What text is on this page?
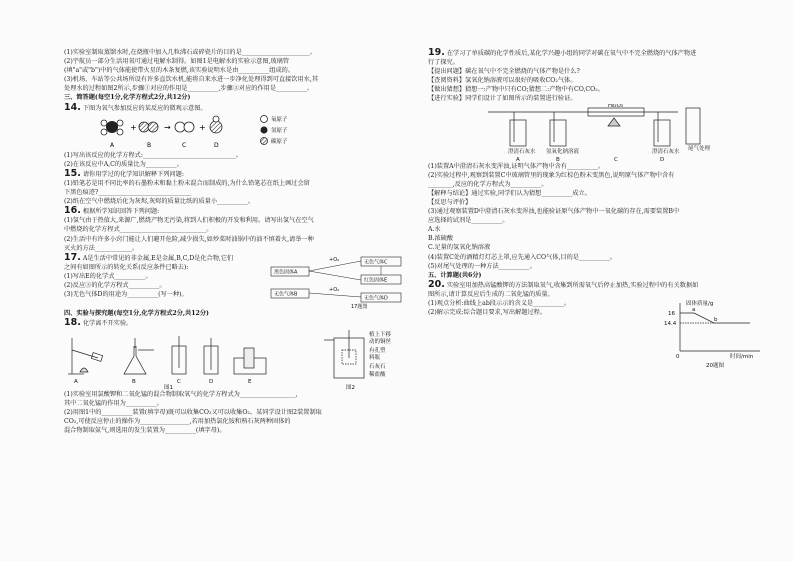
(1)实验室制取蒸馏水时,在烧瓶中加入几粒沸石或碎瓷片的目的是______________________。
(2)宇航员一部分生活用氧可通过电解水制得。如图1是电解水的实验示意图,玻璃管
(填"a"或"b")中的气体能使带火星的木条复燃,该实验说明水是由__________组成的。
(3)机场、车站等公共场所设有许多直饮水机,能将自来水进一步净化处理得到可直接饮用水,其
处理水的过程如图2所示,步骤①对应的作用是__________,步骤③对应的作用是__________。
三、简答题(每空1分,化学方程式2分,共12分)
14. 下图为氧气参加反应的某反应的微观示意图。
+	→	+
A	B	C	D
氧原子
氢原子
碳原子
(1)写出该反应的化学方程式:______________________________。
(2)在该反应中A,C的质量比为__________。
15. 请你用学过的化学知识解释下列问题:
(1)铅笔芯是用不同比率的石墨粉末和黏土粉末混合而制成的,为什么铅笔芯在纸上画过会留
下黑色痕迹?______________________________
(2)纸在空气中燃烧后化为灰烬,灰烬的质量比纸的质量小__________。
16. 根据所学知识回答下列问题:
(1)氢气由于热值大,来源广,燃烧产物无污染,将到人们积极的开发和利用。请写出氢气在空气
中燃烧的化学方程式____________________________。
(2)生活中有许多小窍门能让人们避开危险,减少损失,如炒菜时油锅中的油不慎着火,请举一种
灭火的方法____________。
17. A是生活中常见的非金属,E是金属,B,C,D是化合物,它们
之间有如图所示的转化关系(反应条件已略去):
(1)写出E的化学式__________。
(2)反应③的化学方程式__________。
(3)无色气体D的用途为__________(写一种)。
黑色固体A
无色气体B
无色气体C
红色固体E
无色气体D
+O₂
+O₂
17题图
四、实验与探究题(每空1分,化学方程式2分,共12分)
18. 化学离不开实验。
A	B	C	D	E
图1
植上下移
动的铜丝
有孔塑
料瓶
石灰石
稀盐酸
图2
(1)实验室用氯酸钾和二氧化锰的混合物制取氧气的化学方程式为__________________,
其中二氧化锰的作用为__________。
(2)用图1中的__________装置(填字母)既可以收集CO₂又可以收集O₂。某同学设计图2装置制取
CO₂,可使反应停止的操作为________________,若用加热氯化铵和熟石灰两种固体的
混合物制取氨气,则选用的发生装置为__________(填字母)。
19. 在学习了单质碳的化学性质后,某化学兴趣小组的同学对碳在氧气中不完全燃烧的气体产物进
行了探究。
【提出问题】碳在氧气中不完全燃烧的气体产物是什么?
【查阅资料】氢氧化钠溶液可以很好的吸收CO₂气体。
【做出猜想】猜想一:产物中只有CO;猜想二:产物中有CO,CO₂。
【进行实验】同学们设计了如图所示的装置进行验证。
澄清石灰水 氢氧化钠溶液	澄清石灰水
Fe₂O₃
尾气处理
A	B	C	D
(1)装置A中澄清石灰水变浑浊,证明气体产物中含有__________。
(2)实验过程中,观察到装置C中玻璃管里的现象为红棕色粉末变黑色,说明原气体产物中含有
________,反应的化学方程式为__________。
【解释与结论】通过实验,同学们认为猜想__________成立。
【反思与评价】
(3)通过观察装置D中澄清石灰水变浑浊,也能验证原气体产物中一氧化碳的存在,需要装置B中
应选择的试剂是__________。
A.水
B.浓硫酸
C.足量的氢氧化钠溶液
(4)装置C处的酒精灯灯芯上罩,应先通入CO气体,目的是__________。
(5)对尾气处理的一种方法__________。
五、计算题(共6分)
20. 实验室用加热高锰酸钾的方法制取氧气,收集到所需氧气后停止加热,实验过程中的有关数据如
图所示,请计算反应后生成的二氧化锰的质量。
(1)观点分析:曲线上ab段示示的含义是__________。
(2)解示完成:综合题目要求,写出解题过程。
固体质量/g
16
14.4
0	时间/min
a
b
20题图
